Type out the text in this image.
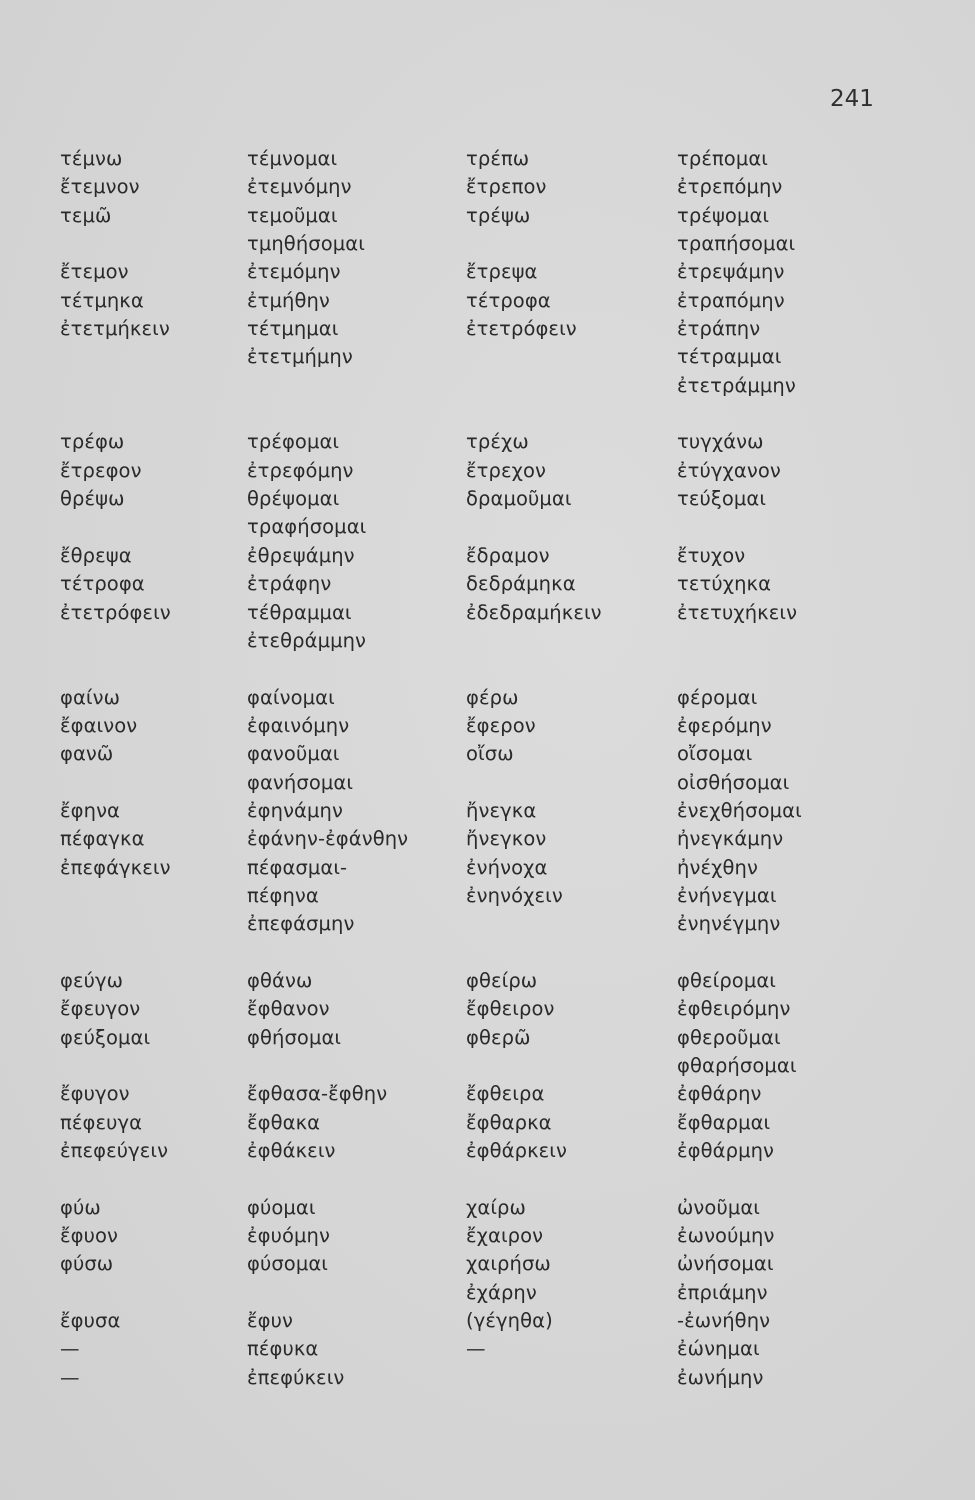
241
τέμνω
ἔτεμνον
τεμῶ
ἔτεμον
τέτμηκα
ἐτετμήκειν
τρέφω
ἔτρεφον
θρέψω
ἔθρεψα
τέτροφα
ἐτετρόφειν
φαίνω
ἔφαινον
φανῶ
ἔφηνα
πέφαγκα
ἐπεφάγκειν
φεύγω
ἔφευγον
φεύξομαι
ἔφυγον
πέφευγα
ἐπεφεύγειν
φύω
ἔφυον
φύσω
ἔφυσα
—
—
τέμνομαι
ἐτεμνόμην
τεμοῦμαι
τμηθήσομαι
ἐτεμόμην
ἐτμήθην
τέτμημαι
ἐτετμήμην
τρέφομαι
ἐτρεφόμην
θρέψομαι
τραφήσομαι
ἐθρεψάμην
ἐτράφην
τέθραμμαι
ἐτεθράμμην
φαίνομαι
ἐφαινόμην
φανοῦμαι
φανήσομαι
ἐφηνάμην
ἐφάνην-ἐφάνθην
πέφασμαι-
πέφηνα
ἐπεφάσμην
φθάνω
ἔφθανον
φθήσομαι
ἔφθασα-ἔφθην
ἔφθακα
ἐφθάκειν
φύομαι
ἐφυόμην
φύσομαι
ἔφυν
πέφυκα
ἐπεφύκειν
τρέπω
ἔτρεπον
τρέψω
ἔτρεψα
τέτροφα
ἐτετρόφειν
τρέχω
ἔτρεχον
δραμοῦμαι
ἔδραμον
δεδράμηκα
ἐδεδραμήκειν
φέρω
ἔφερον
οἴσω
ἤνεγκα
ἤνεγκον
ἐνήνοχα
ἐνηνόχειν
φθείρω
ἔφθειρον
φθερῶ
ἔφθειρα
ἔφθαρκα
ἐφθάρκειν
χαίρω
ἔχαιρον
χαιρήσω
ἐχάρην
(γέγηθα)
—
τρέπομαι
ἐτρεπόμην
τρέψομαι
τραπήσομαι
ἐτρεψάμην
ἐτραπόμην
ἐτράπην
τέτραμμαι
ἐτετράμμην
τυγχάνω
ἐτύγχανον
τεύξομαι
ἔτυχον
τετύχηκα
ἐτετυχήκειν
φέρομαι
ἐφερόμην
οἴσομαι
οἰσθήσομαι
ἐνεχθήσομαι
ἠνεγκάμην
ἠνέχθην
ἐνήνεγμαι
ἐνηνέγμην
φθείρομαι
ἐφθειρόμην
φθεροῦμαι
φθαρήσομαι
ἐφθάρην
ἔφθαρμαι
ἐφθάρμην
ὠνοῦμαι
ἐωνούμην
ὠνήσομαι
ἐπριάμην
-ἐωνήθην
ἐώνημαι
ἐωνήμην
